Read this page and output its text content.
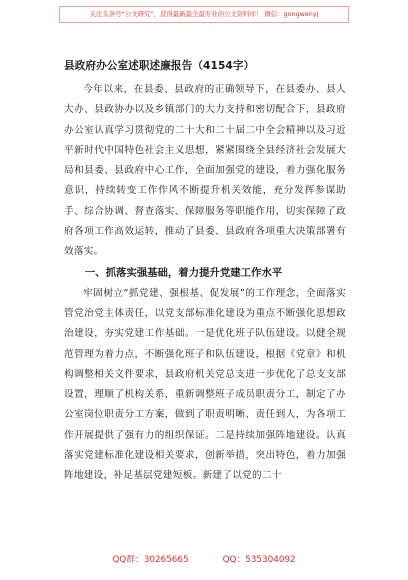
关注头条号“公文研究”，获得最新最全最专业的公文资料库！ 微信：gongwenyj
县政府办公室述职述廉报告（4154字）

今年以来，在县委、县政府的正确领导下，在县委办、县人大办、县政协办以及乡镇部门的大力支持和密切配合下，县政府办公室认真学习贯彻党的二十大和二十届二中全会精神以及习近平新时代中国特色社会主义思想，紧紧围绕全县经济社会发展大局和县委、县政府中心工作，全面加强党的建设，着力强化服务意识，持续转变工作作风不断提升机关效能，充分发挥参谋助手、综合协调、督查落实、保障服务等职能作用，切实保障了政府各项工作高效运转，推动了县委、县政府各项重大决策部署有效落实。

一、抓落实强基础，着力提升党建工作水平

牢固树立“抓党建、强根基、促发展”的工作理念，全面落实管党治党主体责任，以党支部标准化建设为重点不断强化思想政治建设，夯实党建工作基础。一是优化班子队伍建设。以健全规范管理为着力点，不断强化班子和队伍建设，根据《党章》和机构调整相关文件要求，县政府机关党总支进一步优化了总支支部设置，理顺了机构关系，重新调整班子成员职责分工，制定了办公室岗位职责分工方案，做到了职责明晰、责任到人，为各项工作开展提供了强有力的组织保证。二是持续加强阵地建设。认真落实党建标准化建设相关要求，创新举措，突出特色，着力加强阵地建设，补足基层党建短板。新建了以党的二十

QQ群：30265665	QQ：535304092
